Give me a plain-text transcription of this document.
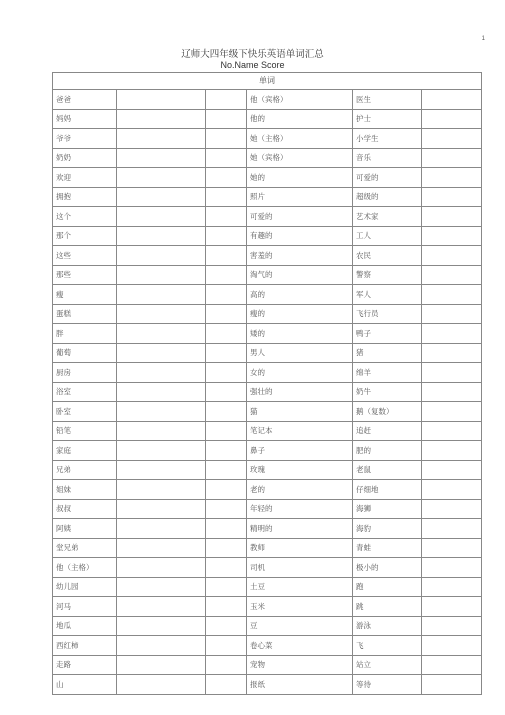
1
辽师大四年级下快乐英语单词汇总
No.Name Score
单词					
爸爸			他（宾格）	医生	
妈妈			他的	护士	
爷爷			她（主格）	小学生	
奶奶			她（宾格）	音乐	
欢迎			她的	可爱的	
拥抱			照片	超级的	
这个			可爱的	艺术家	
那个			有趣的	工人	
这些			害羞的	农民	
那些			淘气的	警察	
瘦			高的	军人	
蛋糕			瘦的	飞行员	
胖			矮的	鸭子	
葡萄			男人	猪	
厨房			女的	绵羊	
浴室			强壮的	奶牛	
卧室			猫	鹅（复数）	
铅笔			笔记本	追赶	
家庭			鼻子	肥的	
兄弟			玫瑰	老鼠	
姐妹			老的	仔细地	
叔叔			年轻的	海狮	
阿姨			精明的	海豹	
堂兄弟			教师	青蛙	
他（主格）			司机	极小的	
幼儿园			土豆	跑	
河马			玉米	跳	
地瓜			豆	游泳	
西红柿			卷心菜	飞	
走路			宠物	站立	
山			报纸	等待	
